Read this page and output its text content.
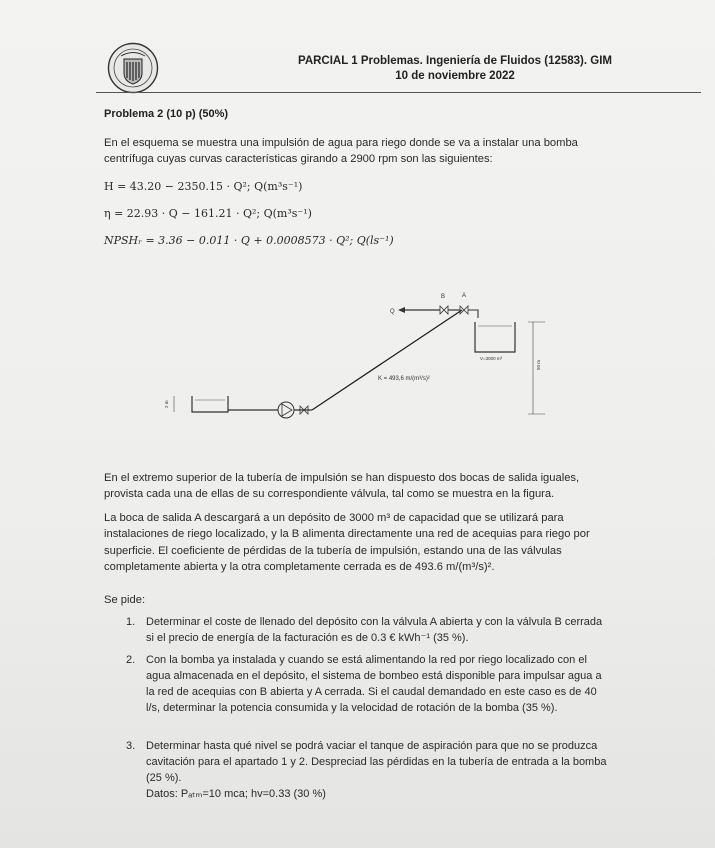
PARCIAL 1 Problemas. Ingeniería de Fluidos (12583). GIM
10 de noviembre 2022
Problema 2 (10 p) (50%)
En el esquema se muestra una impulsión de agua para riego donde se va a instalar una bomba centrífuga cuyas curvas características girando a 2900 rpm son las siguientes:
H = 43.20 − 2350.15 · Q²; Q(m³s⁻¹)
η = 22.93 · Q − 161.21 · Q²; Q(m³s⁻¹)
NPSHᵣ = 3.36 − 0.011 · Q + 0.0008573 · Q²; Q(ls⁻¹)
Q
B	A
V=3000 m³
K = 493,6 m/(m³/s)²
50 m
2 m
En el extremo superior de la tubería de impulsión se han dispuesto dos bocas de salida iguales, provista cada una de ellas de su correspondiente válvula, tal como se muestra en la figura.
La boca de salida A descargará a un depósito de 3000 m³ de capacidad que se utilizará para instalaciones de riego localizado, y la B alimenta directamente una red de acequias para riego por superficie. El coeficiente de pérdidas de la tubería de impulsión, estando una de las válvulas completamente abierta y la otra completamente cerrada es de 493.6 m/(m³/s)².
Se pide:
1. Determinar el coste de llenado del depósito con la válvula A abierta y con la válvula B cerrada si el precio de energía de la facturación es de 0.3 € kWh⁻¹ (35 %).
2. Con la bomba ya instalada y cuando se está alimentando la red por riego localizado con el agua almacenada en el depósito, el sistema de bombeo está disponible para impulsar agua a la red de acequias con B abierta y A cerrada. Si el caudal demandado en este caso es de 40 l/s, determinar la potencia consumida y la velocidad de rotación de la bomba (35 %).
3. Determinar hasta qué nivel se podrá vaciar el tanque de aspiración para que no se produzca cavitación para el apartado 1 y 2. Despreciad las pérdidas en la tubería de entrada a la bomba (25 %).
Datos: Pₐₜₘ=10 mca; hv=0.33 (30 %)
